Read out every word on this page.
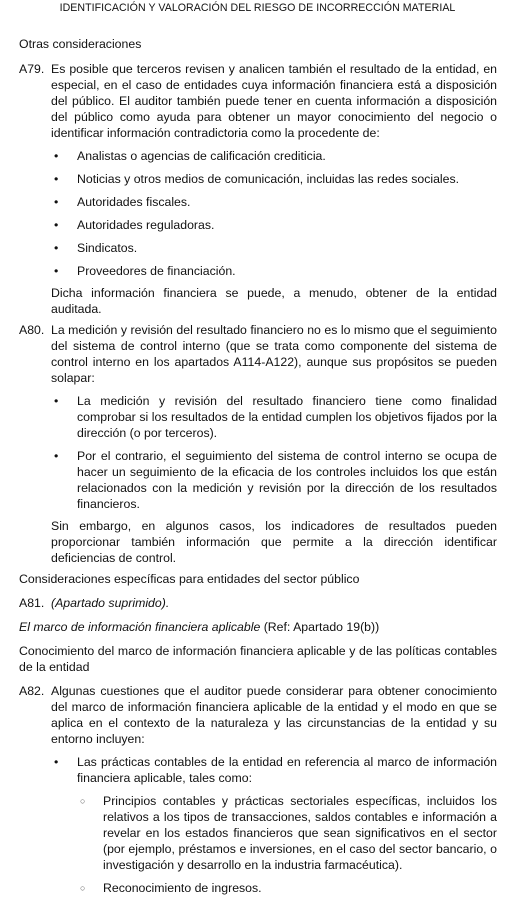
IDENTIFICACIÓN Y VALORACIÓN DEL RIESGO DE INCORRECCIÓN MATERIAL

Otras consideraciones

A79. Es posible que terceros revisen y analicen también el resultado de la entidad, en especial, en el caso de entidades cuya información financiera está a disposición del público. El auditor también puede tener en cuenta información a disposición del público como ayuda para obtener un mayor conocimiento del negocio o identificar información contradictoria como la procedente de:

•	Analistas o agencias de calificación crediticia.
•	Noticias y otros medios de comunicación, incluidas las redes sociales.
•	Autoridades fiscales.
•	Autoridades reguladoras.
•	Sindicatos.
•	Proveedores de financiación.

Dicha información financiera se puede, a menudo, obtener de la entidad auditada.

A80. La medición y revisión del resultado financiero no es lo mismo que el seguimiento del sistema de control interno (que se trata como componente del sistema de control interno en los apartados A114-A122), aunque sus propósitos se pueden solapar:

•	La medición y revisión del resultado financiero tiene como finalidad comprobar si los resultados de la entidad cumplen los objetivos fijados por la dirección (o por terceros).
•	Por el contrario, el seguimiento del sistema de control interno se ocupa de hacer un seguimiento de la eficacia de los controles incluidos los que están relacionados con la medición y revisión por la dirección de los resultados financieros.

Sin embargo, en algunos casos, los indicadores de resultados pueden proporcionar también información que permite a la dirección identificar deficiencias de control.

Consideraciones específicas para entidades del sector público

A81. (Apartado suprimido).

El marco de información financiera aplicable (Ref: Apartado 19(b))

Conocimiento del marco de información financiera aplicable y de las políticas contables de la entidad

A82. Algunas cuestiones que el auditor puede considerar para obtener conocimiento del marco de información financiera aplicable de la entidad y el modo en que se aplica en el contexto de la naturaleza y las circunstancias de la entidad y su entorno incluyen:

•	Las prácticas contables de la entidad en referencia al marco de información financiera aplicable, tales como:

○	Principios contables y prácticas sectoriales específicas, incluidos los relativos a los tipos de transacciones, saldos contables e información a revelar en los estados financieros que sean significativos en el sector (por ejemplo, préstamos e inversiones, en el caso del sector bancario, o investigación y desarrollo en la industria farmacéutica).
○	Reconocimiento de ingresos.
